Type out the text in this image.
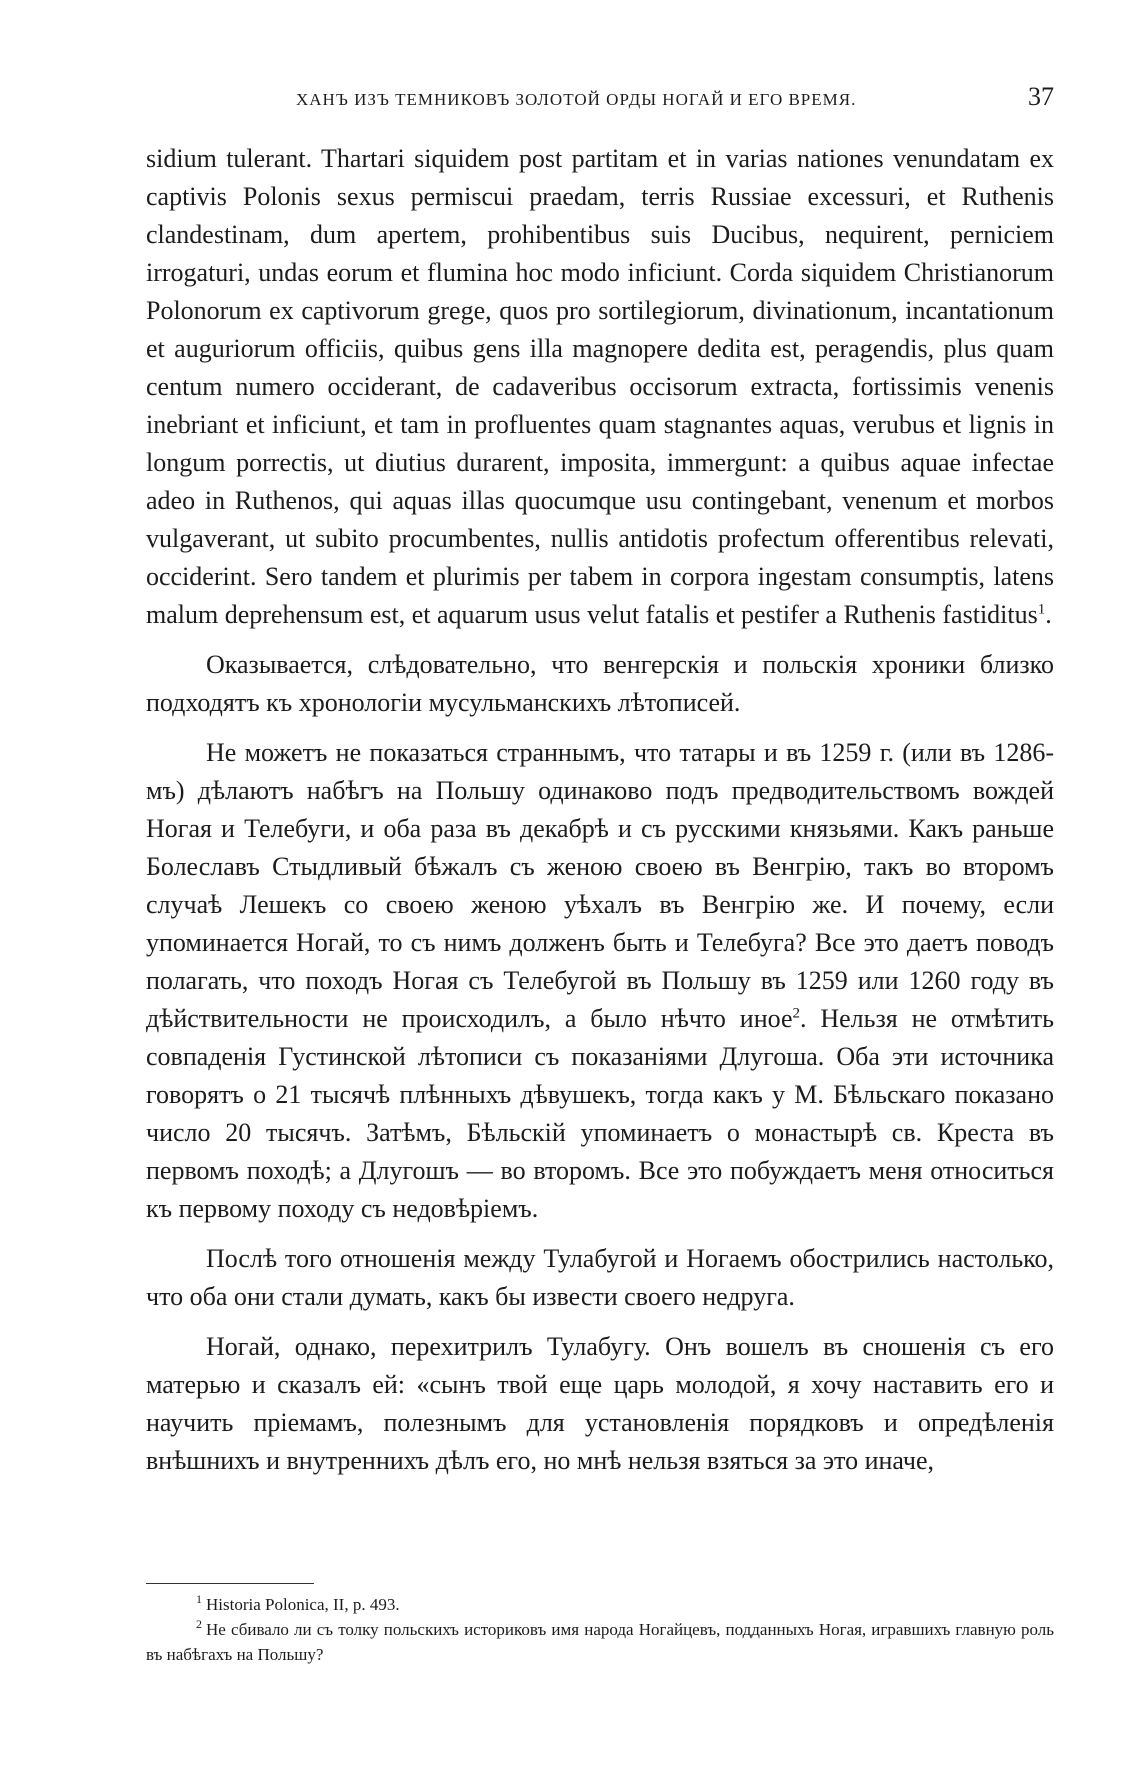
ХАНЪ ИЗЪ ТЕМНИКОВЪ ЗОЛОТОЙ ОРДЫ НОГАЙ И ЕГО ВРЕМЯ.	37

sidium tulerant. Thartari siquidem post partitam et in varias nationes venundatam ex captivis Polonis sexus permiscui praedam, terris Russiae excessuri, et Ruthenis clandestinam, dum apertem, prohibentibus suis Ducibus, nequirent, perniciem irrogaturi, undas eorum et flumina hoc modo inficiunt. Corda siquidem Christianorum Polonorum ex captivorum grege, quos pro sortilegiorum, divinationum, incantationum et auguriorum officiis, quibus gens illa magnopere dedita est, peragendis, plus quam centum numero occiderant, de cadaveribus occisorum extracta, fortissimis venenis inebriant et inficiunt, et tam in profluentes quam stagnantes aquas, verubus et lignis in longum porrectis, ut diutius durarent, imposita, immergunt: a quibus aquae infectae adeo in Ruthenos, qui aquas illas quocumque usu contingebant, venenum et morbos vulgaverant, ut subito procumbentes, nullis antidotis profectum offerentibus relevati, occiderint. Sero tandem et plurimis per tabem in corpora ingestam consumptis, latens malum deprehensum est, et aquarum usus velut fatalis et pestifer a Ruthenis fastiditus$^1$.

Оказывается, слѣдовательно, что венгерскія и польскія хроники близко подходятъ къ хронологіи мусульманскихъ лѣтописей.

Не можетъ не показаться страннымъ, что татары и въ 1259 г. (или въ 1286-мъ) дѣлаютъ набѣгъ на Польшу одинаково подъ предводительствомъ вождей Ногая и Телебуги, и оба раза въ декабрѣ и съ русскими князьями. Какъ раньше Болеславъ Стыдливый бѣжалъ съ женою своею въ Венгрію, такъ во второмъ случаѣ Лешекъ со своею женою уѣхалъ въ Венгрію же. И почему, если упоминается Ногай, то съ нимъ долженъ быть и Телебуга? Все это даетъ поводъ полагать, что походъ Ногая съ Телебугой въ Польшу въ 1259 или 1260 году въ дѣйствительности не происходилъ, а было нѣчто иное$^2$. Нельзя не отмѣтить совпаденія Густинской лѣтописи съ показаніями Длугоша. Оба эти источника говорятъ о 21 тысячѣ плѣнныхъ дѣвушекъ, тогда какъ у М. Бѣльскаго показано число 20 тысячъ. Затѣмъ, Бѣльскій упоминаетъ о монастырѣ св. Креста въ первомъ походѣ; а Длугошъ — во второмъ. Все это побуждаетъ меня относиться къ первому походу съ недовѣріемъ.

Послѣ того отношенія между Тулабугой и Ногаемъ обострились настолько, что оба они стали думать, какъ бы извести своего недруга.

Ногай, однако, перехитрилъ Тулабугу. Онъ вошелъ въ сношенія съ его матерью и сказалъ ей: «сынъ твой еще царь молодой, я хочу наставить его и научить пріемамъ, полезнымъ для установленія порядковъ и опредѣленія внѣшнихъ и внутреннихъ дѣлъ его, но мнѣ нельзя взяться за это иначе,

$^1$ Historia Polonica, II, p. 493.

$^2$ Не сбивало ли съ толку польскихъ историковъ имя народа Ногайцевъ, подданныхъ Ногая, игравшихъ главную роль въ набѣгахъ на Польшу?
